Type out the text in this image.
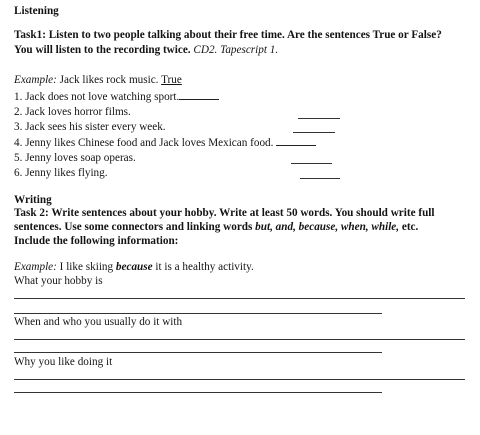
Listening
Task1: Listen to two people talking about their free time. Are the sentences True or False?
You will listen to the recording twice. CD2. Tapescript 1.
Example: Jack likes rock music. True
1. Jack does not love watching sport.
2. Jack loves horror films.
3. Jack sees his sister every week.
4. Jenny likes Chinese food and Jack loves Mexican food.
5. Jenny loves soap operas.
6. Jenny likes flying.
Writing
Task 2: Write sentences about your hobby. Write at least 50 words. You should write full
sentences. Use some connectors and linking words but, and, because, when, while, etc.
Include the following information:
Example: I like skiing because it is a healthy activity.
What your hobby is
When and who you usually do it with
Why you like doing it
